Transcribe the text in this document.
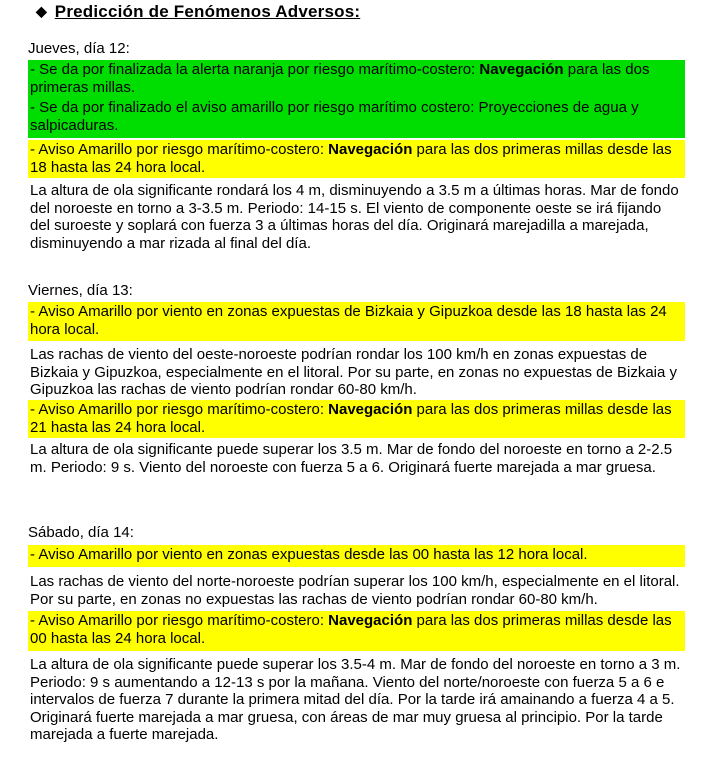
◆ Predicción de Fenómenos Adversos:
Jueves, día 12:
- Se da por finalizada la alerta naranja por riesgo marítimo-costero: Navegación para las dos primeras millas.
- Se da por finalizado el aviso amarillo por riesgo marítimo costero: Proyecciones de agua y salpicaduras.
- Aviso Amarillo por riesgo marítimo-costero: Navegación para las dos primeras millas desde las 18 hasta las 24 hora local.
La altura de ola significante rondará los 4 m, disminuyendo a 3.5 m a últimas horas. Mar de fondo del noroeste en torno a 3-3.5 m. Periodo: 14-15 s. El viento de componente oeste se irá fijando del suroeste y soplará con fuerza 3 a últimas horas del día. Originará marejadilla a marejada, disminuyendo a mar rizada al final del día.
Viernes, día 13:
- Aviso Amarillo por viento en zonas expuestas de Bizkaia y Gipuzkoa desde las 18 hasta las 24 hora local.
Las rachas de viento del oeste-noroeste podrían rondar los 100 km/h en zonas expuestas de Bizkaia y Gipuzkoa, especialmente en el litoral. Por su parte, en zonas no expuestas de Bizkaia y Gipuzkoa las rachas de viento podrían rondar 60-80 km/h.
- Aviso Amarillo por riesgo marítimo-costero: Navegación para las dos primeras millas desde las 21 hasta las 24 hora local.
La altura de ola significante puede superar los 3.5 m. Mar de fondo del noroeste en torno a 2-2.5 m. Periodo: 9 s. Viento del noroeste con fuerza 5 a 6. Originará fuerte marejada a mar gruesa.
Sábado, día 14:
- Aviso Amarillo por viento en zonas expuestas desde las 00 hasta las 12 hora local.
Las rachas de viento del norte-noroeste podrían superar los 100 km/h, especialmente en el litoral. Por su parte, en zonas no expuestas las rachas de viento podrían rondar 60-80 km/h.
- Aviso Amarillo por riesgo marítimo-costero: Navegación para las dos primeras millas desde las 00 hasta las 24 hora local.
La altura de ola significante puede superar los 3.5-4 m. Mar de fondo del noroeste en torno a 3 m. Periodo: 9 s aumentando a 12-13 s por la mañana. Viento del norte/noroeste con fuerza 5 a 6 e intervalos de fuerza 7 durante la primera mitad del día. Por la tarde irá amainando a fuerza 4 a 5. Originará fuerte marejada a mar gruesa, con áreas de mar muy gruesa al principio. Por la tarde marejada a fuerte marejada.
